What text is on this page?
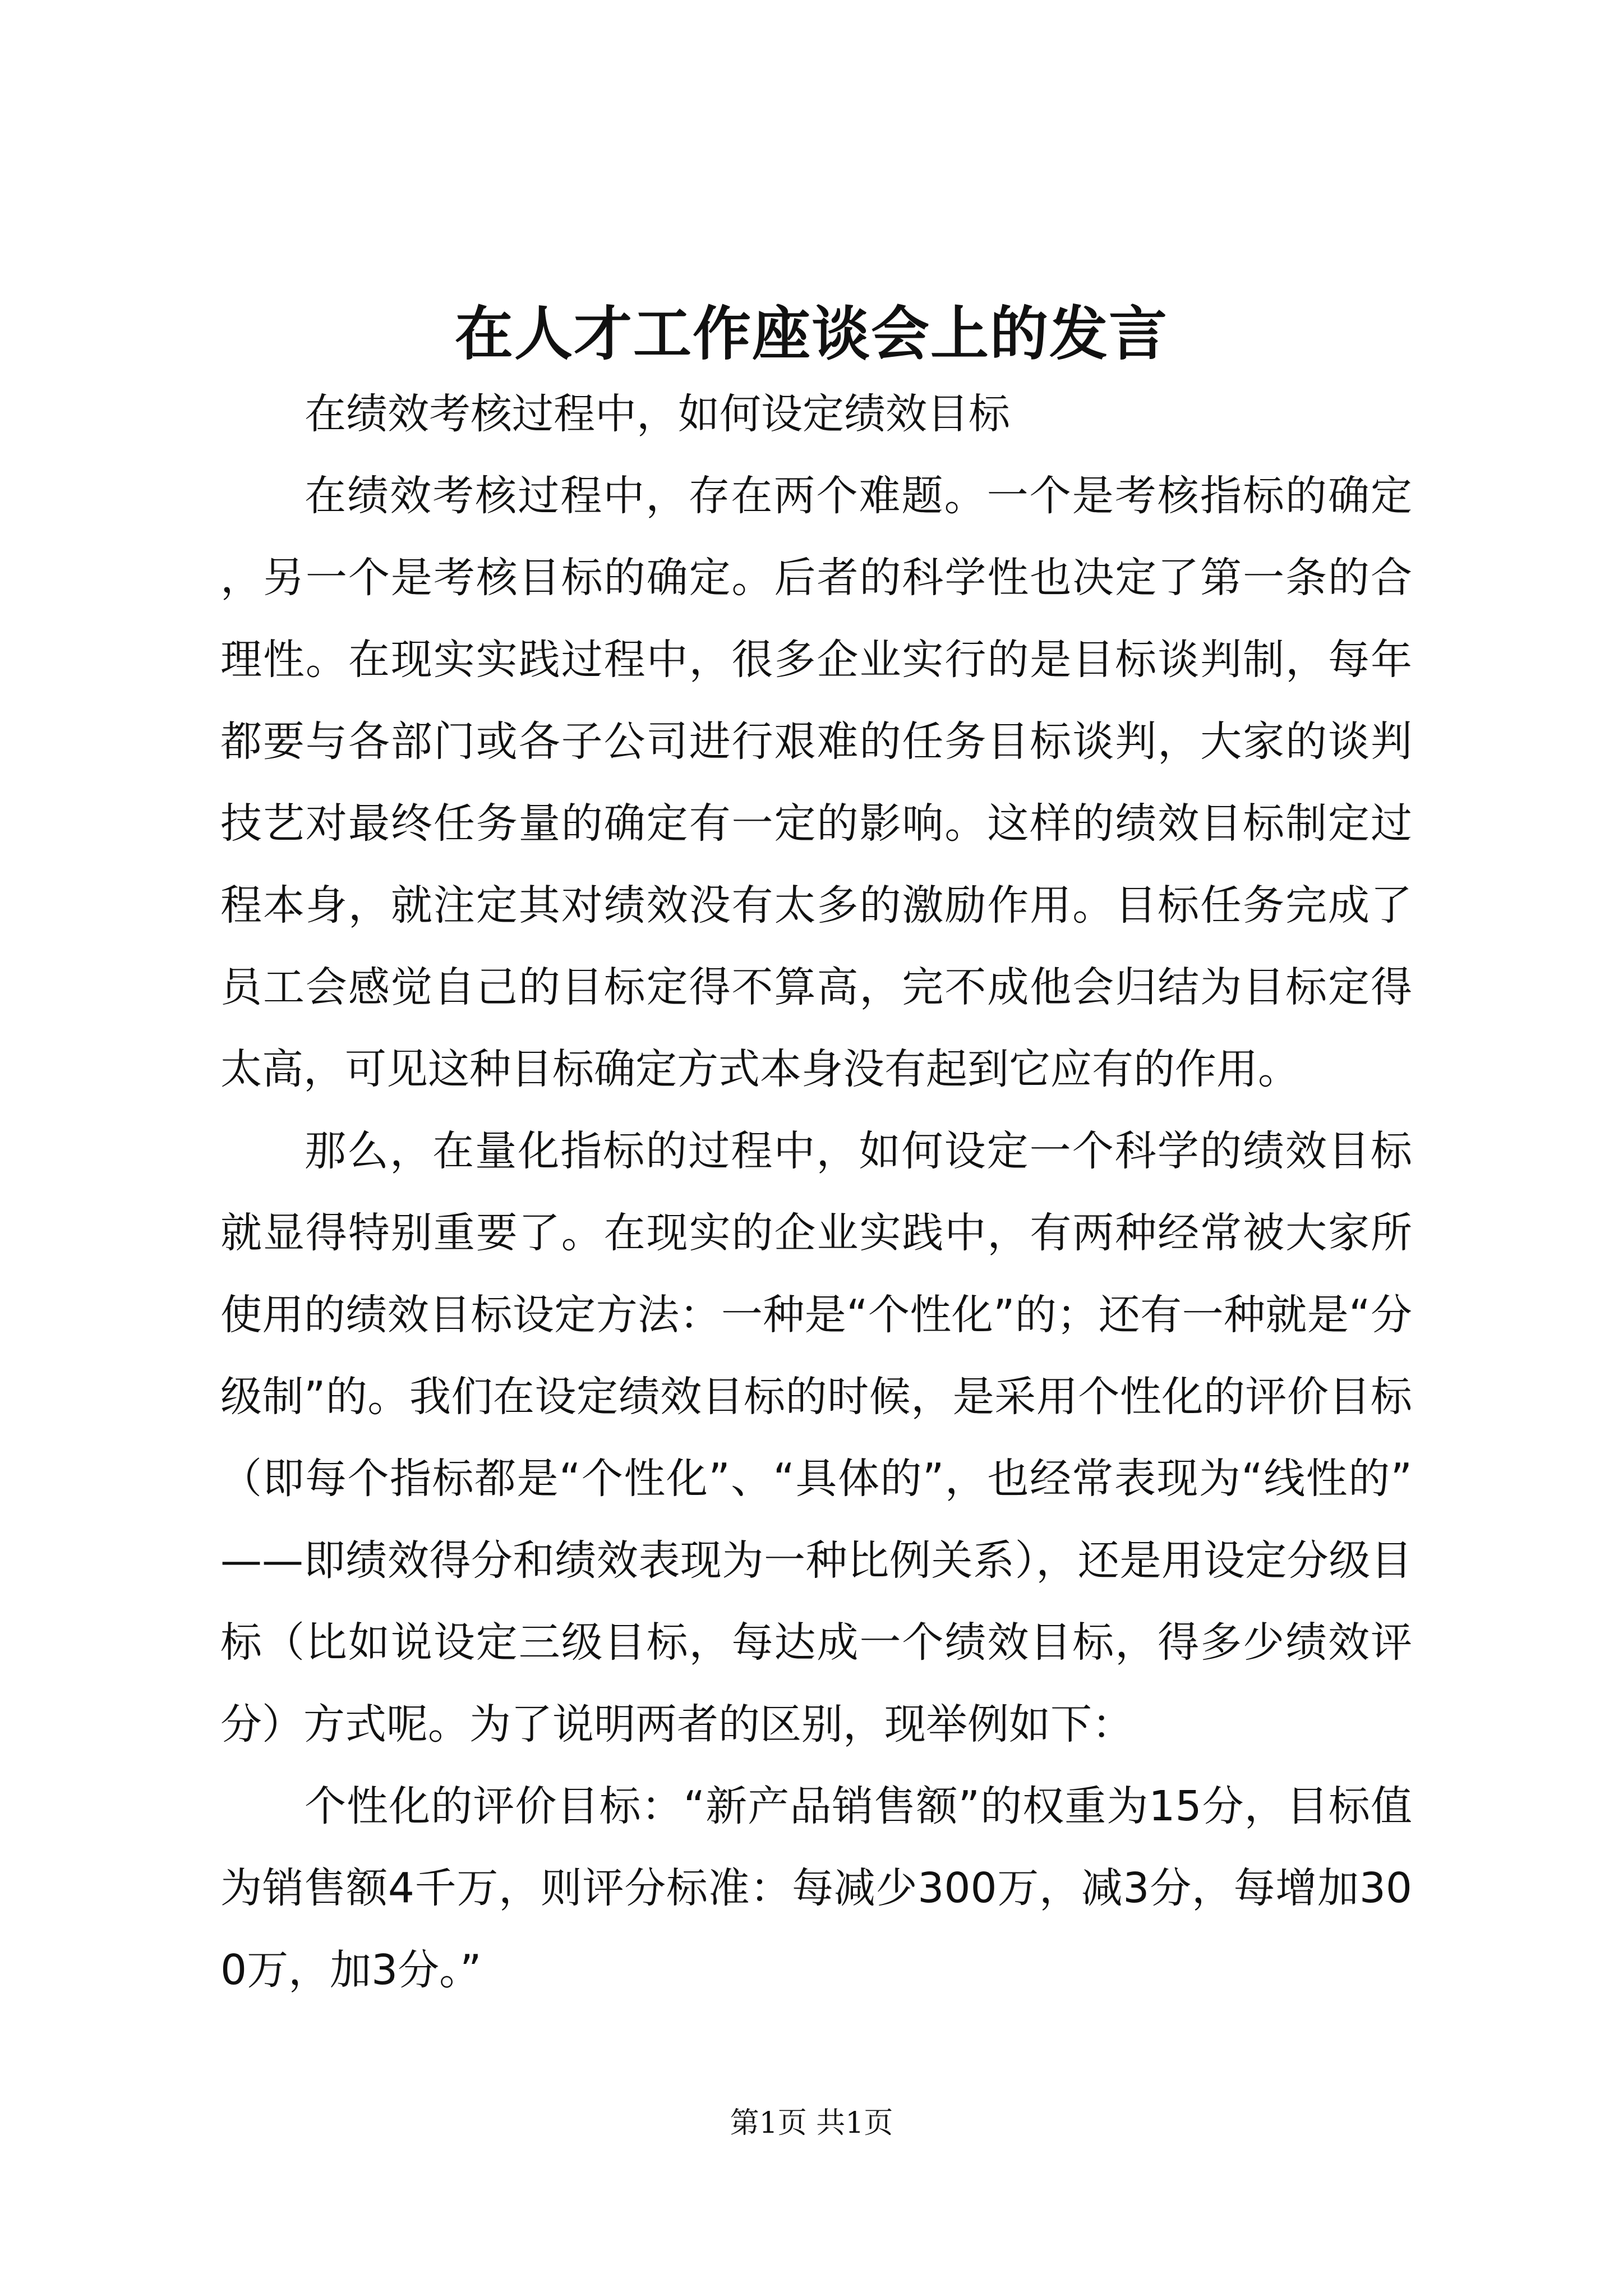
在人才工作座谈会上的发言

在绩效考核过程中，如何设定绩效目标

在绩效考核过程中，存在两个难题。一个是考核指标的确定，另一个是考核目标的确定。后者的科学性也决定了第一条的合理性。在现实实践过程中，很多企业实行的是目标谈判制，每年都要与各部门或各子公司进行艰难的任务目标谈判，大家的谈判技艺对最终任务量的确定有一定的影响。这样的绩效目标制定过程本身，就注定其对绩效没有太多的激励作用。目标任务完成了员工会感觉自己的目标定得不算高，完不成他会归结为目标定得太高，可见这种目标确定方式本身没有起到它应有的作用。

那么，在量化指标的过程中，如何设定一个科学的绩效目标就显得特别重要了。在现实的企业实践中，有两种经常被大家所使用的绩效目标设定方法：一种是“个性化”的；还有一种就是“分级制”的。我们在设定绩效目标的时候，是采用个性化的评价目标（即每个指标都是“个性化”、“具体的”，也经常表现为“线性的”——即绩效得分和绩效表现为一种比例关系），还是用设定分级目标（比如说设定三级目标，每达成一个绩效目标，得多少绩效评分）方式呢。为了说明两者的区别，现举例如下：

个性化的评价目标：“新产品销售额”的权重为15分，目标值为销售额4千万，则评分标准：每减少300万，减3分，每增加300万，加3分。”

第1页 共1页
